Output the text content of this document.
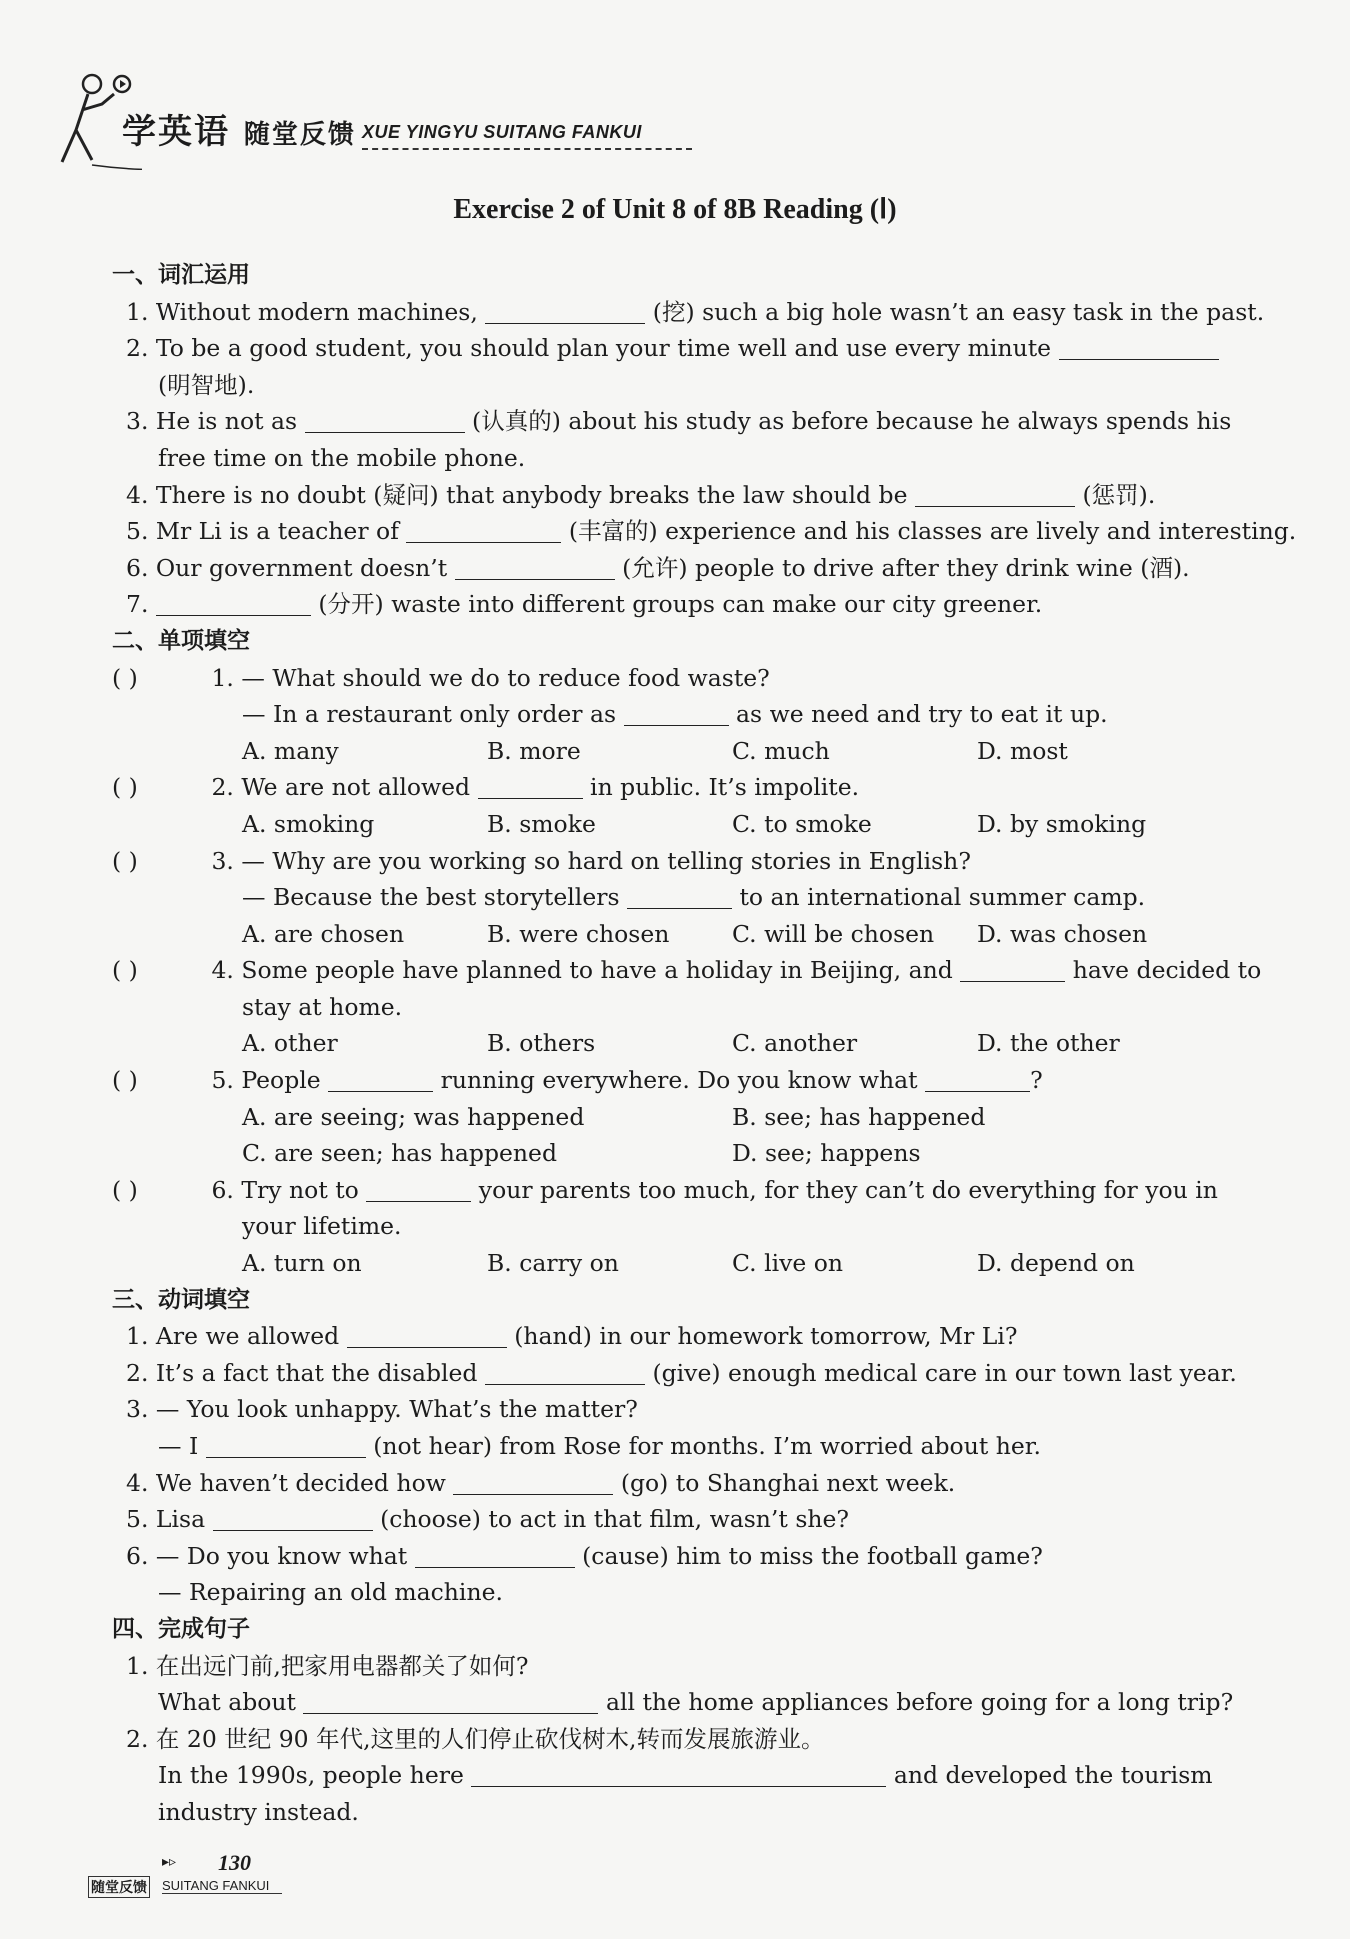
学英语 随堂反馈 XUE YINGYU SUITANG FANKUI
Exercise 2 of Unit 8 of 8B Reading (Ⅰ)
一、词汇运用
1. Without modern machines,	(挖) such a big hole wasn’t an easy task in the past.
2. To be a good student, you should plan your time well and use every minute
(明智地).
3. He is not as	(认真的) about his study as before because he always spends his
free time on the mobile phone.
4. There is no doubt (疑问) that anybody breaks the law should be	(惩罚).
5. Mr Li is a teacher of	(丰富的) experience and his classes are lively and interesting.
6. Our government doesn’t	(允许) people to drive after they drink wine (酒).
7.	(分开) waste into different groups can make our city greener.
二、单项填空
( )	1. — What should we do to reduce food waste?
— In a restaurant only order as	as we need and try to eat it up.
A. many	B. more	C. much	D. most
( )	2. We are not allowed	in public. It’s impolite.
A. smoking	B. smoke	C. to smoke	D. by smoking
( )	3. — Why are you working so hard on telling stories in English?
— Because the best storytellers	to an international summer camp.
A. are chosen	B. were chosen	C. will be chosen D. was chosen
( )	4. Some people have planned to have a holiday in Beijing, and	have decided to
stay at home.
A. other	B. others	C. another	D. the other
( )	5. People	running everywhere. Do you know what	?
A. are seeing; was happened	B. see; has happened
C. are seen; has happened	D. see; happens
( )	6. Try not to	your parents too much, for they can’t do everything for you in
your lifetime.
A. turn on	B. carry on	C. live on	D. depend on
三、动词填空
1. Are we allowed	(hand) in our homework tomorrow, Mr Li?
2. It’s a fact that the disabled	(give) enough medical care in our town last year.
3. — You look unhappy. What’s the matter?
— I	(not hear) from Rose for months. I’m worried about her.
4. We haven’t decided how	(go) to Shanghai next week.
5. Lisa	(choose) to act in that film, wasn’t she?
6. — Do you know what	(cause) him to miss the football game?
— Repairing an old machine.
四、完成句子
1. 在出远门前,把家用电器都关了如何?
What about	all the home appliances before going for a long trip?
2. 在 20 世纪 90 年代,这里的人们停止砍伐树木,转而发展旅游业。
In the 1990s, people here	and developed the tourism
industry instead.
▸▹ 130
随堂反馈 SUITANG FANKUI
